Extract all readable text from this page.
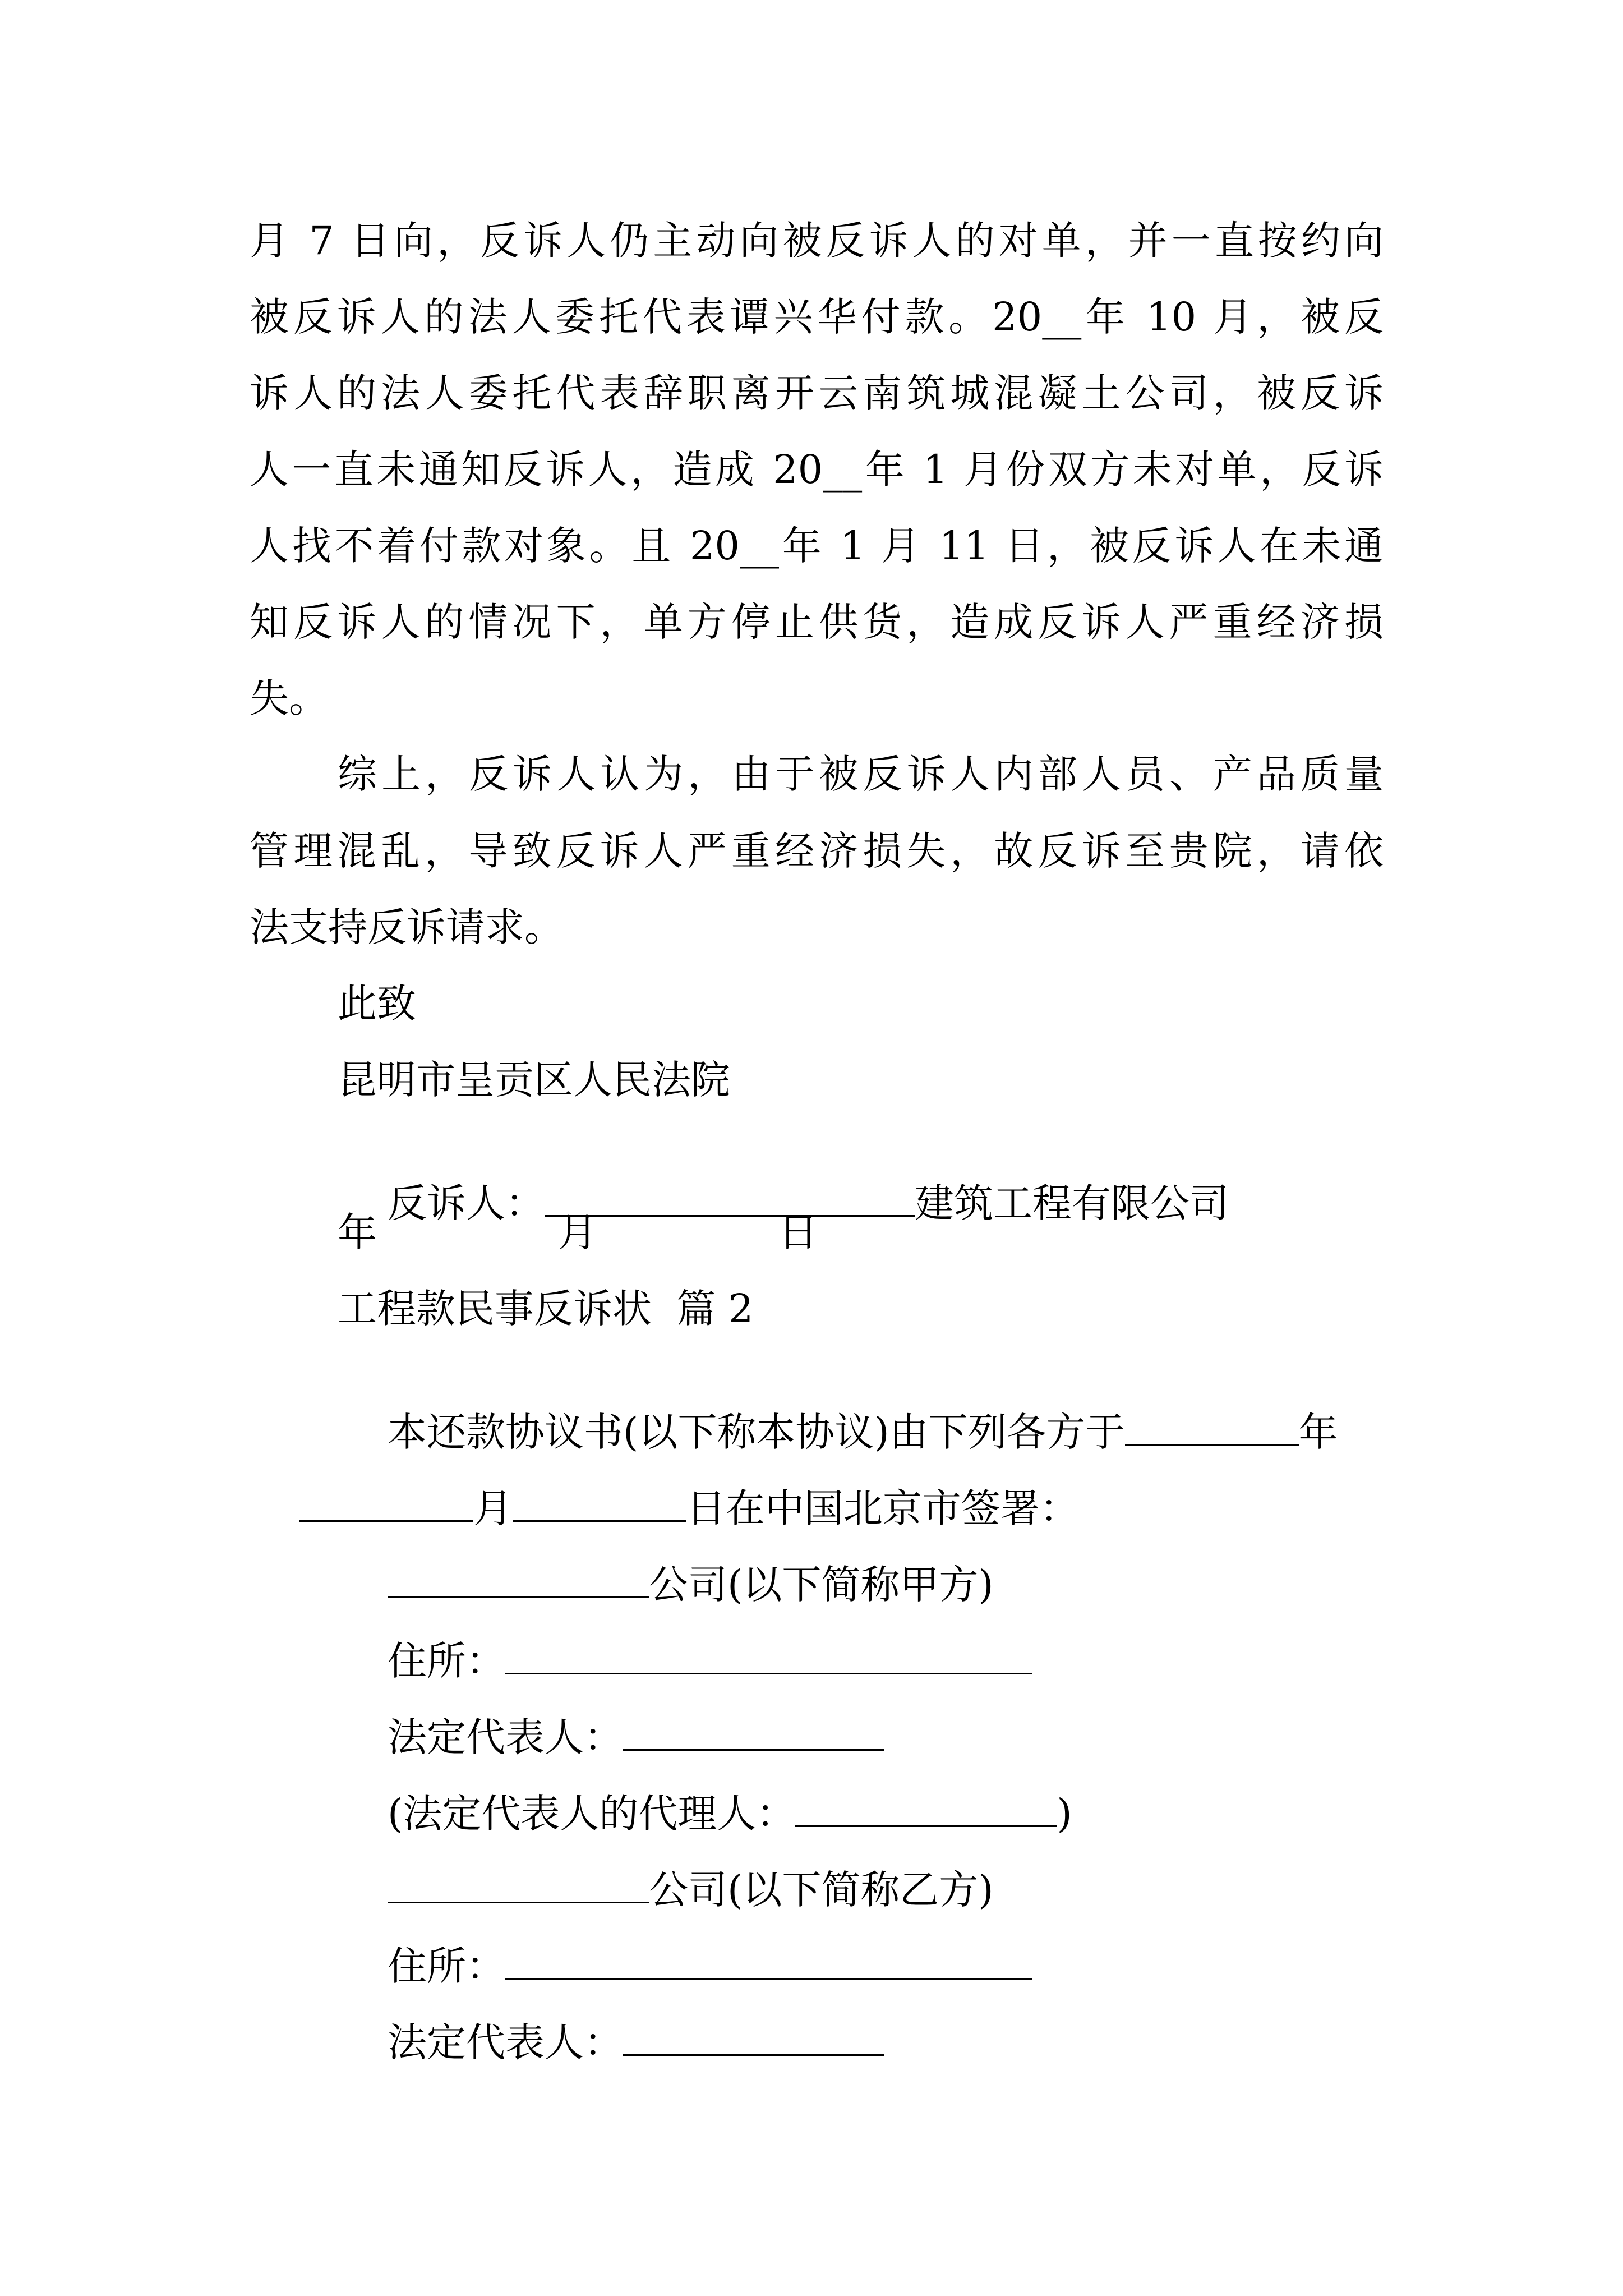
月 7 日向，反诉人仍主动向被反诉人的对单，并一直按约向
被反诉人的法人委托代表谭兴华付款。20__年 10 月，被反
诉人的法人委托代表辞职离开云南筑城混凝土公司，被反诉
人一直未通知反诉人，造成 20__年 1 月份双方未对单，反诉
人找不着付款对象。且 20__年 1 月 11 日，被反诉人在未通
知反诉人的情况下，单方停止供货，造成反诉人严重经济损
失。
综上，反诉人认为，由于被反诉人内部人员、产品质量
管理混乱，导致反诉人严重经济损失，故反诉至贵院，请依
法支持反诉请求。
此致
昆明市呈贡区人民法院

反诉人：	建筑工程有限公司

年	月	日
工程款民事反诉状  篇 2

本还款协议书(以下称本协议)由下列各方于	年

月	日在中国北京市签署：

公司(以下简称甲方)

住所：

法定代表人：

(法定代表人的代理人：	)

公司(以下简称乙方)

住所：

法定代表人：
